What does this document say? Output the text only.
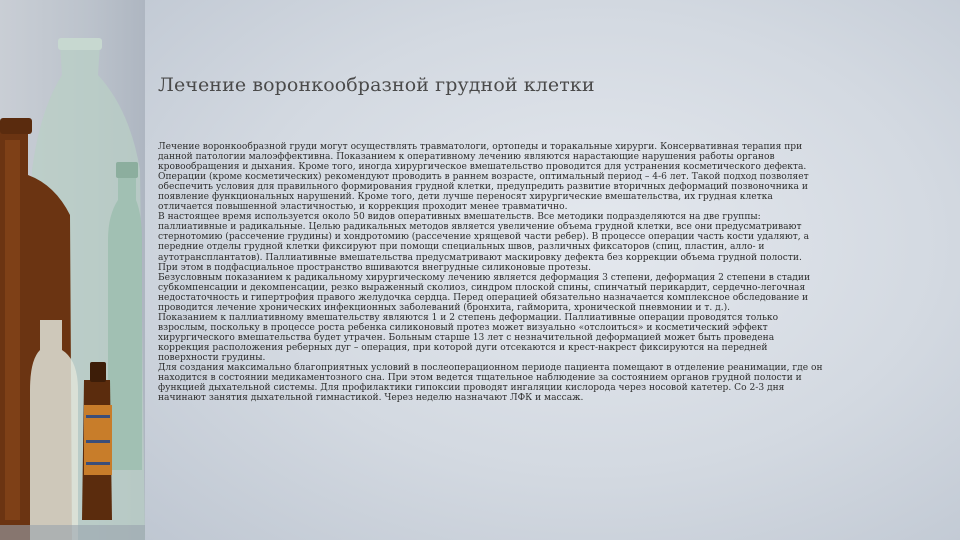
Лечение воронкообразной грудной клетки

Лечение воронкообразной груди могут осуществлять травматологи, ортопеды и торакальные хирурги. Консервативная терапия при данной патологии малоэффективна. Показанием к оперативному лечению являются нарастающие нарушения работы органов кровообращения и дыхания. Кроме того, иногда хирургическое вмешательство проводится для устранения косметического дефекта. Операции (кроме косметических) рекомендуют проводить в раннем возрасте, оптимальный период – 4-6 лет. Такой подход позволяет обеспечить условия для правильного формирования грудной клетки, предупредить развитие вторичных деформаций позвоночника и появление функциональных нарушений. Кроме того, дети лучше переносят хирургические вмешательства, их грудная клетка отличается повышенной эластичностью, и коррекция проходит менее травматично.

В настоящее время используется около 50 видов оперативных вмешательств. Все методики подразделяются на две группы: паллиативные и радикальные. Целью радикальных методов является увеличение объема грудной клетки, все они предусматривают стернотомию (рассечение грудины) и хондротомию (рассечение хрящевой части ребер). В процессе операции часть кости удаляют, а передние отделы грудной клетки фиксируют при помощи специальных швов, различных фиксаторов (спиц, пластин, алло- и аутотрансплантатов). Паллиативные вмешательства предусматривают маскировку дефекта без коррекции объема грудной полости. При этом в подфасциальное пространство вшиваются внегрудные силиконовые протезы.

Безусловным показанием к радикальному хирургическому лечению является деформация 3 степени, деформация 2 степени в стадии субкомпенсации и декомпенсации, резко выраженный сколиоз, синдром плоской спины, спинчатый перикардит, сердечно-легочная недостаточность и гипертрофия правого желудочка сердца. Перед операцией обязательно назначается комплексное обследование и проводится лечение хронических инфекционных заболеваний (бронхита, гайморита, хронической пневмонии и т. д.).

Показанием к паллиативному вмешательству являются 1 и 2 степень деформации. Паллиативные операции проводятся только взрослым, поскольку в процессе роста ребенка силиконовый протез может визуально «отслоиться» и косметический эффект хирургического вмешательства будет утрачен. Больным старше 13 лет с незначительной деформацией может быть проведена коррекция расположения реберных дуг – операция, при которой дуги отсекаются и крест-накрест фиксируются на передней поверхности грудины.

Для создания максимально благоприятных условий в послеоперационном периоде пациента помещают в отделение реанимации, где он находится в состоянии медикаментозного сна. При этом ведется тщательное наблюдение за состоянием органов грудной полости и функцией дыхательной системы. Для профилактики гипоксии проводят ингаляции кислорода через носовой катетер. Со 2-3 дня начинают занятия дыхательной гимнастикой. Через неделю назначают ЛФК и массаж.
